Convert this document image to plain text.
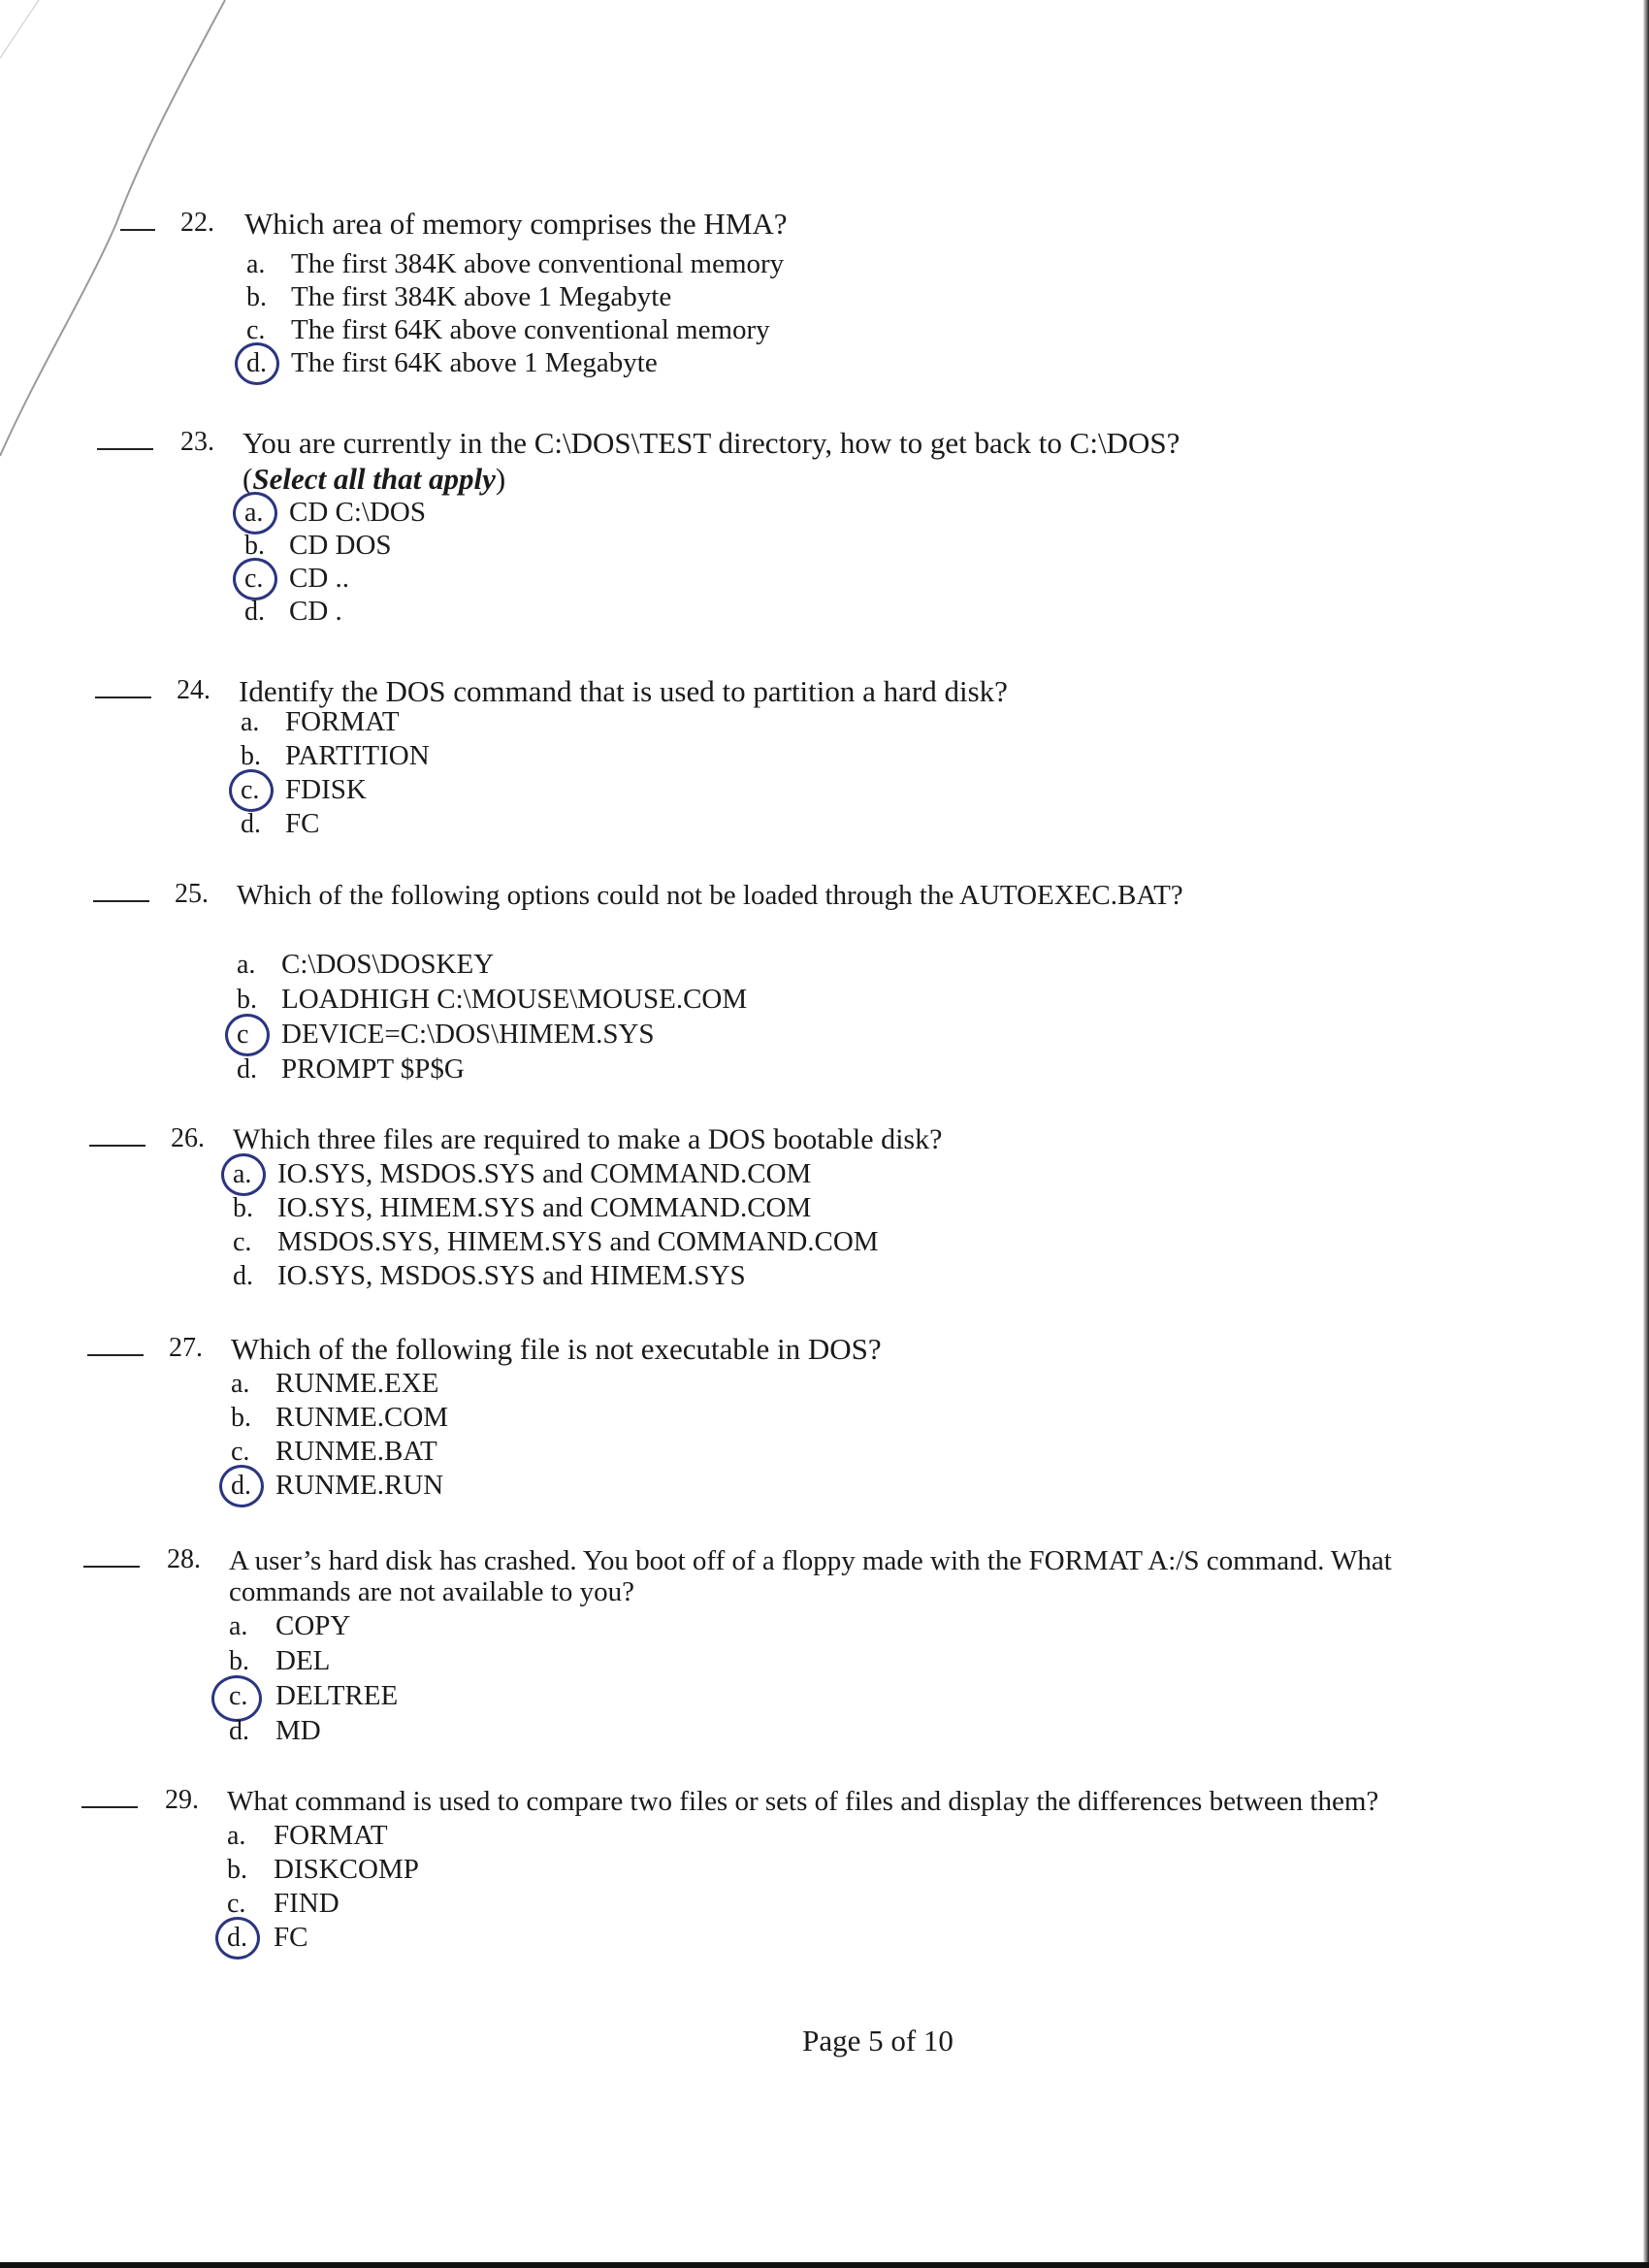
22. Which area of memory comprises the HMA?
a. The first 384K above conventional memory
b. The first 384K above 1 Megabyte
c. The first 64K above conventional memory
d. The first 64K above 1 Megabyte
23. You are currently in the C:\DOS\TEST directory, how to get back to C:\DOS?
(Select all that apply)
a. CD C:\DOS
b. CD DOS
c. CD ..
d. CD .
24. Identify the DOS command that is used to partition a hard disk?
a. FORMAT
b. PARTITION
c. FDISK
d. FC
25. Which of the following options could not be loaded through the AUTOEXEC.BAT?
a. C:\DOS\DOSKEY
b. LOADHIGH C:\MOUSE\MOUSE.COM
c DEVICE=C:\DOS\HIMEM.SYS
d. PROMPT $P$G
26. Which three files are required to make a DOS bootable disk?
a. IO.SYS, MSDOS.SYS and COMMAND.COM
b. IO.SYS, HIMEM.SYS and COMMAND.COM
c. MSDOS.SYS, HIMEM.SYS and COMMAND.COM
d. IO.SYS, MSDOS.SYS and HIMEM.SYS
27. Which of the following file is not executable in DOS?
a. RUNME.EXE
b. RUNME.COM
c. RUNME.BAT
d. RUNME.RUN
28. A user’s hard disk has crashed. You boot off of a floppy made with the FORMAT A:/S command. What
commands are not available to you?
a. COPY
b. DEL
c. DELTREE
d. MD
29. What command is used to compare two files or sets of files and display the differences between them?
a. FORMAT
b. DISKCOMP
c. FIND
d. FC
Page 5 of 10
